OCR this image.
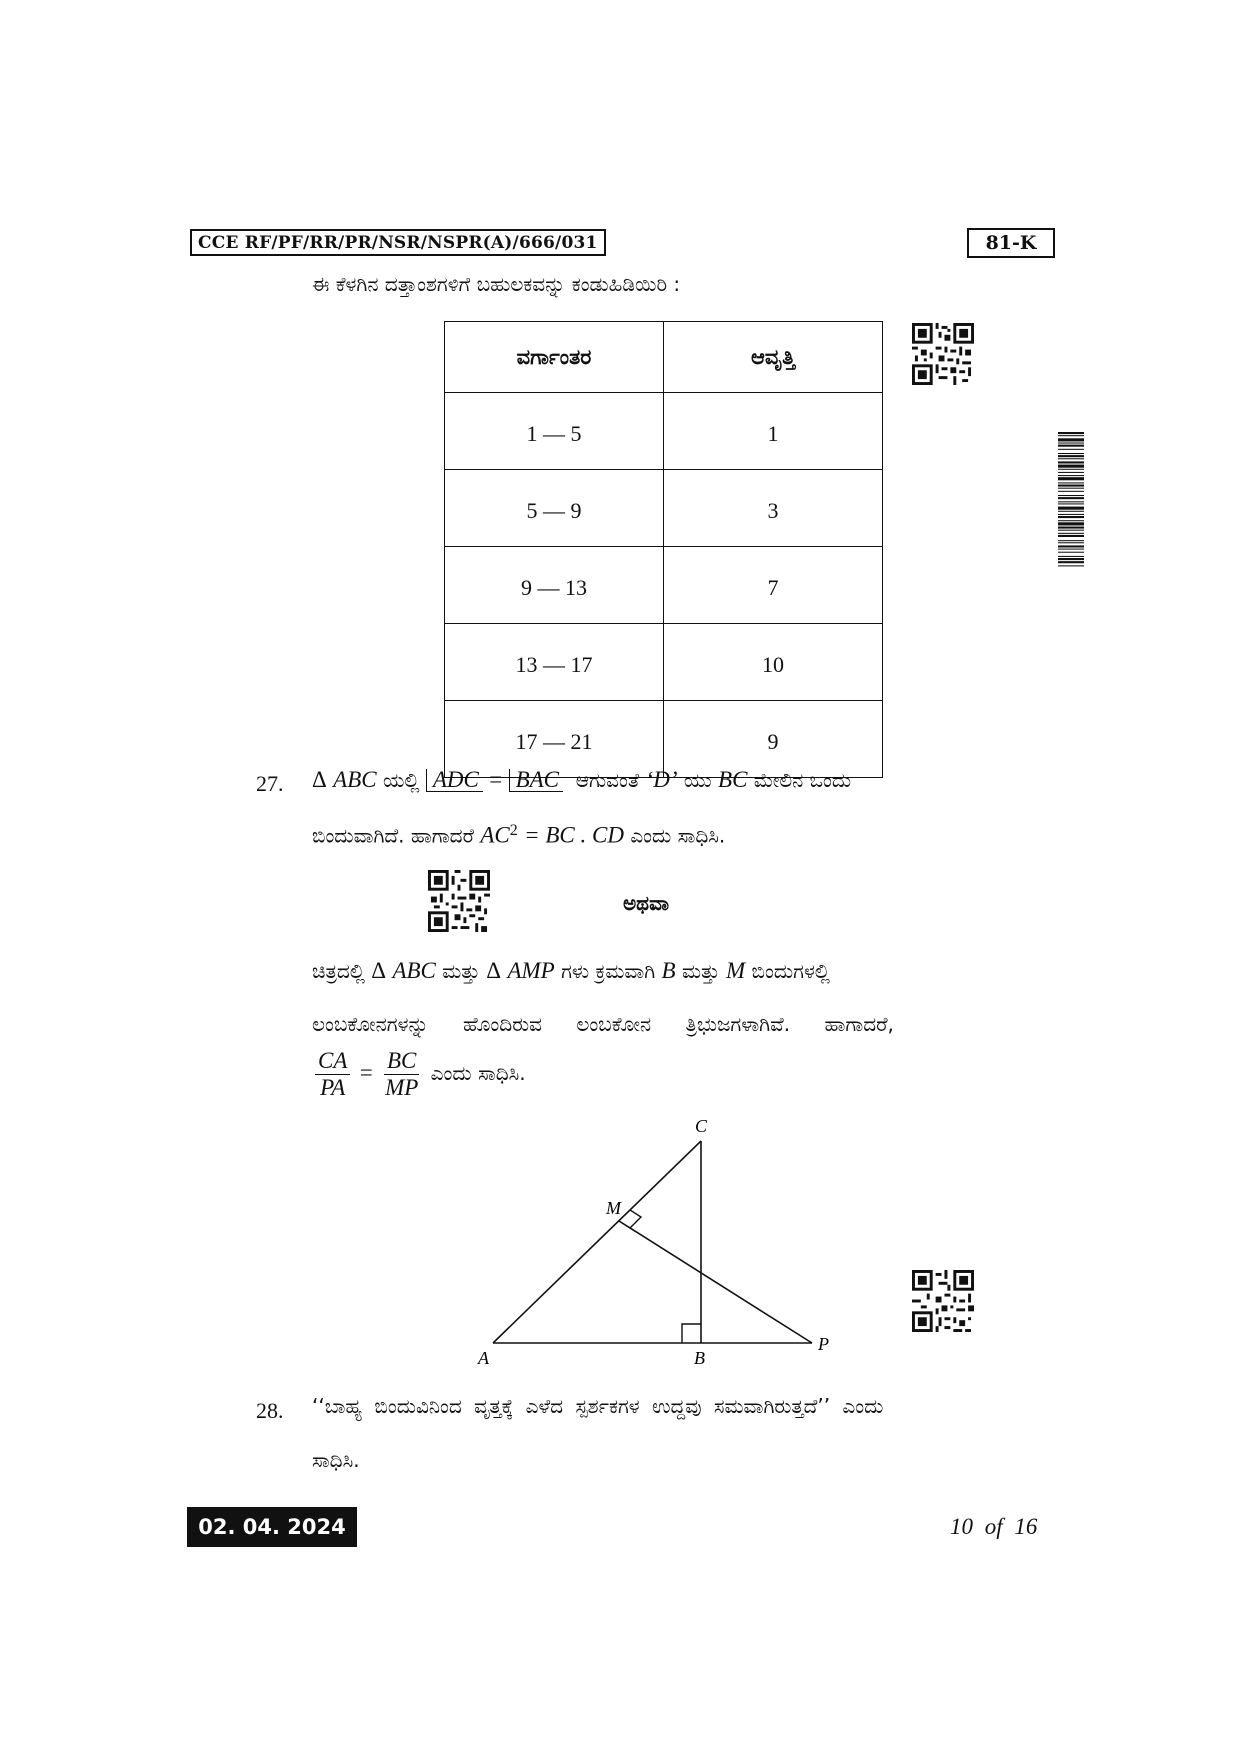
CCE RF/PF/RR/PR/NSR/NSPR(A)/666/031	81-K
ಈ ಕೆಳಗಿನ ದತ್ತಾಂಶಗಳಿಗೆ ಬಹುಲಕವನ್ನು ಕಂಡುಹಿಡಿಯಿರಿ :
ವರ್ಗಾಂತರ	ಆವೃತ್ತಿ
1 — 5	1
5 — 9	3
9 — 13	7
13 — 17	10
17 — 21	9
27. Δ ABC ಯಲ್ಲಿ ADC = BAC ಆಗುವಂತೆ ‘D’ ಯು BC ಮೇಲಿನ ಒಂದು
ಬಿಂದುವಾಗಿದೆ. ಹಾಗಾದರೆ $AC^2$ = BC . CD ಎಂದು ಸಾಧಿಸಿ.
ಅಥವಾ
ಚಿತ್ರದಲ್ಲಿ Δ ABC ಮತ್ತು Δ AMP ಗಳು ಕ್ರಮವಾಗಿ B ಮತ್ತು M ಬಿಂದುಗಳಲ್ಲಿ
ಲಂಬಕೋನಗಳನ್ನು ಹೊಂದಿರುವ ಲಂಬಕೋನ ತ್ರಿಭುಜಗಳಾಗಿವೆ. ಹಾಗಾದರೆ,
$\frac{CA}{PA} = \frac{BC}{MP}$ ಎಂದು ಸಾಧಿಸಿ.
C
M
A	B
P
28. ‘‘ಬಾಹ್ಯ ಬಿಂದುವಿನಿಂದ ವೃತ್ತಕ್ಕೆ ಎಳೆದ ಸ್ಪರ್ಶಕಗಳ ಉದ್ದವು ಸಮವಾಗಿರುತ್ತದೆ’’ ಎಂದು
ಸಾಧಿಸಿ.
02. 04. 2024	10 of 16
